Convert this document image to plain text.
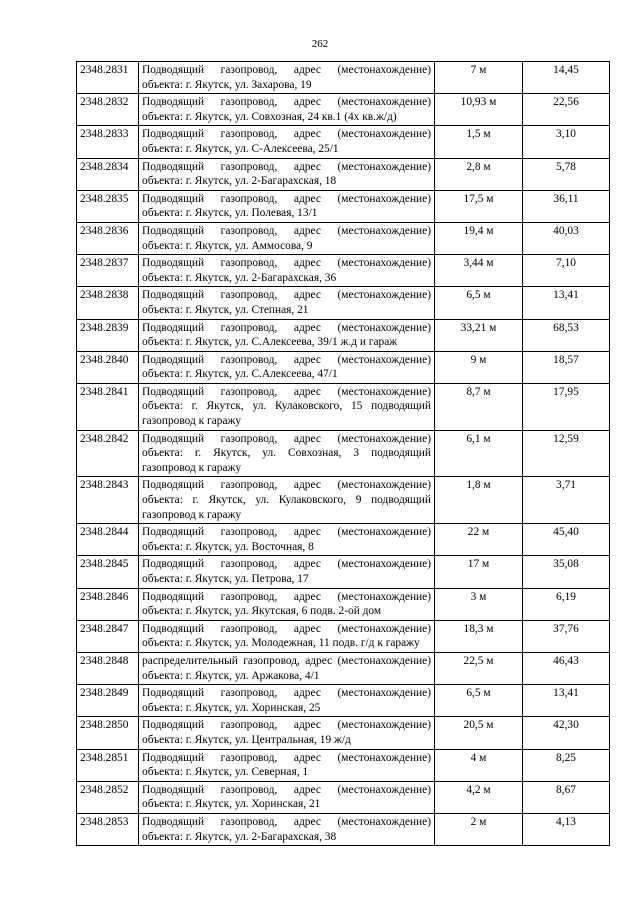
262
2348.2831	Подводящий газопровод, адрес (местонахождение) объекта: г. Якутск, ул. Захарова, 19	7 м	14,45
2348.2832	Подводящий газопровод, адрес (местонахождение) объекта: г. Якутск, ул. Совхозная, 24 кв.1 (4х кв.ж/д)	10,93 м	22,56
2348.2833	Подводящий газопровод, адрес (местонахождение) объекта: г. Якутск, ул. С-Алексеева, 25/1	1,5 м	3,10
2348.2834	Подводящий газопровод, адрес (местонахождение) объекта: г. Якутск, ул. 2-Багарахская, 18	2,8 м	5,78
2348.2835	Подводящий газопровод, адрес (местонахождение) объекта: г. Якутск, ул. Полевая, 13/1	17,5 м	36,11
2348.2836	Подводящий газопровод, адрес (местонахождение) объекта: г. Якутск, ул. Аммосова, 9	19,4 м	40,03
2348.2837	Подводящий газопровод, адрес (местонахождение) объекта: г. Якутск, ул. 2-Багарахская, 36	3,44 м	7,10
2348.2838	Подводящий газопровод, адрес (местонахождение) объекта: г. Якутск, ул. Степная, 21	6,5 м	13,41
2348.2839	Подводящий газопровод, адрес (местонахождение) объекта: г. Якутск, ул. С.Алексеева, 39/1 ж.д и гараж	33,21 м	68,53
2348.2840	Подводящий газопровод, адрес (местонахождение) объекта: г. Якутск, ул. С.Алексеева, 47/1	9 м	18,57
2348.2841	Подводящий газопровод, адрес (местонахождение) объекта: г. Якутск, ул. Кулаковского, 15 подводящий газопровод к гаражу	8,7 м	17,95
2348.2842	Подводящий газопровод, адрес (местонахождение) объекта: г. Якутск, ул. Совхозная, 3 подводящий газопровод к гаражу	6,1 м	12,59
2348.2843	Подводящий газопровод, адрес (местонахождение) объекта: г. Якутск, ул. Кулаковского, 9 подводящий газопровод к гаражу	1,8 м	3,71
2348.2844	Подводящий газопровод, адрес (местонахождение) объекта: г. Якутск, ул. Восточная, 8	22 м	45,40
2348.2845	Подводящий газопровод, адрес (местонахождение) объекта: г. Якутск, ул. Петрова, 17	17 м	35,08
2348.2846	Подводящий газопровод, адрес (местонахождение) объекта: г. Якутск, ул. Якутская, 6 подв. 2-ой дом	3 м	6,19
2348.2847	Подводящий газопровод, адрес (местонахождение) объекта: г. Якутск, ул. Молодежная, 11 подв. г/д к гаражу	18,3 м	37,76
2348.2848	распределительный газопровод, адрес (местонахождение) объекта: г. Якутск, ул. Аржакова, 4/1	22,5 м	46,43
2348.2849	Подводящий газопровод, адрес (местонахождение) объекта: г. Якутск, ул. Хоринская, 25	6,5 м	13,41
2348.2850	Подводящий газопровод, адрес (местонахождение) объекта: г. Якутск, ул. Центральная, 19 ж/д	20,5 м	42,30
2348.2851	Подводящий газопровод, адрес (местонахождение) объекта: г. Якутск, ул. Северная, 1	4 м	8,25
2348.2852	Подводящий газопровод, адрес (местонахождение) объекта: г. Якутск, ул. Хоринская, 21	4,2 м	8,67
2348.2853	Подводящий газопровод, адрес (местонахождение) объекта: г. Якутск, ул. 2-Багарахская, 38	2 м	4,13
